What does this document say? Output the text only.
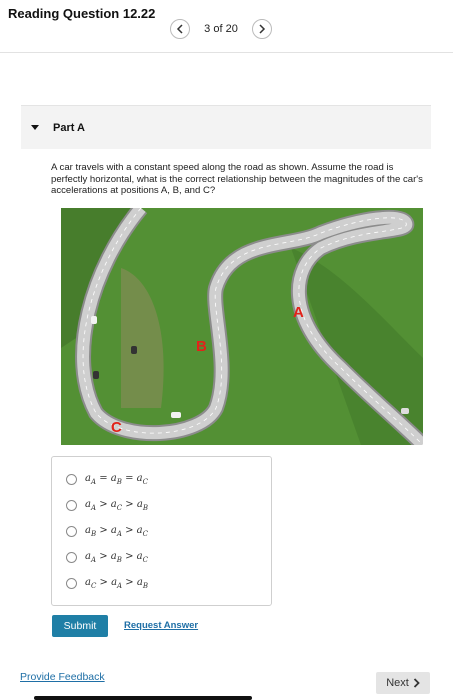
Reading Question 12.22
3 of 20
Part A
A car travels with a constant speed along the road as shown. Assume the road is perfectly horizontal, what is the correct relationship between the magnitudes of the car's accelerations at positions A, B, and C?
A
B
C
$a_A = a_B = a_C$
$a_A > a_C > a_B$
$a_B > a_A > a_C$
$a_A > a_B > a_C$
$a_C > a_A > a_B$
Submit	Request Answer
Provide Feedback	Next
